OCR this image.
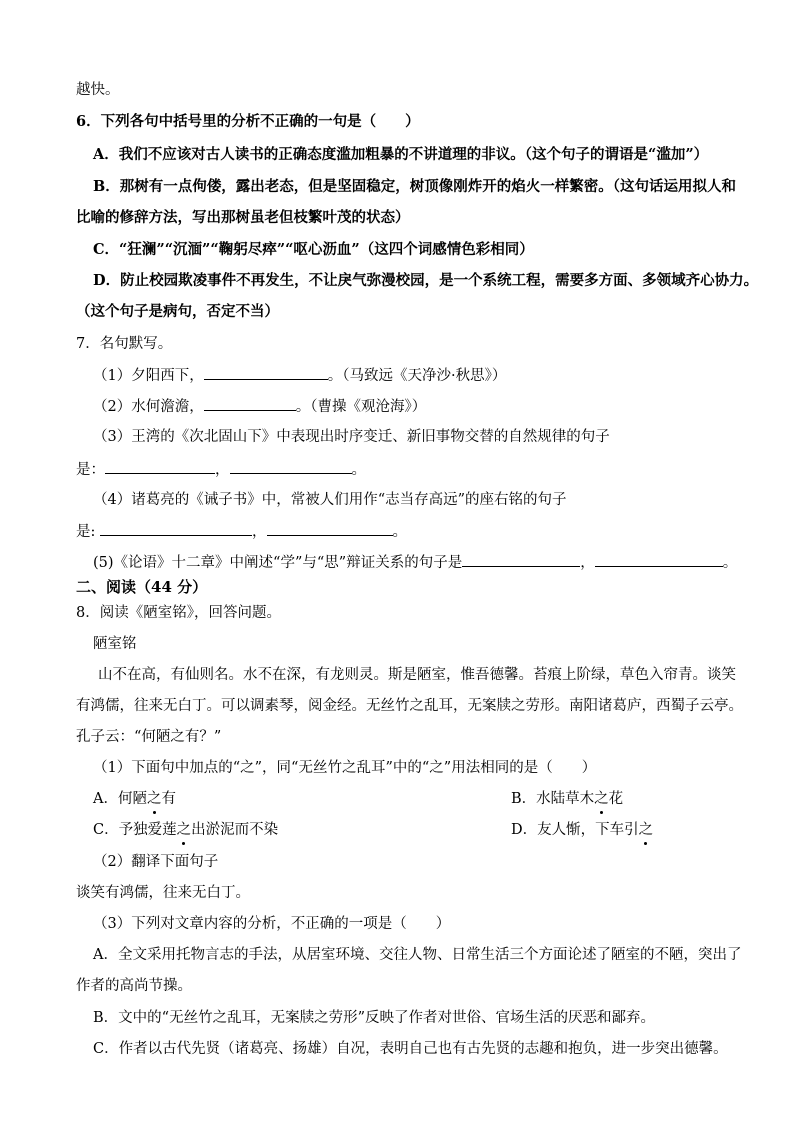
越快。
6．下列各句中括号里的分析不正确的一句是（　　）
A．我们不应该对古人读书的正确态度滥加粗暴的不讲道理的非议。（这个句子的谓语是“滥加”）
B．那树有一点佝偻，露出老态，但是坚固稳定，树顶像刚炸开的焰火一样繁密。（这句话运用拟人和
比喻的修辞方法，写出那树虽老但枝繁叶茂的状态）
C．“狂澜”“沉湎”“鞠躬尽瘁”“呕心沥血”（这四个词感情色彩相同）
D．防止校园欺凌事件不再发生，不让戾气弥漫校园，是一个系统工程，需要多方面、多领域齐心协力。
（这个句子是病句，否定不当）
7．名句默写。
（1）夕阳西下，	。（马致远《天净沙·秋思》）
（2）水何澹澹，	。（曹操《观沧海》）
（3）王湾的《次北固山下》中表现出时序变迁、新旧事物交替的自然规律的句子
是：	，	。
（4）诸葛亮的《诫子书》中，常被人们用作“志当存高远”的座右铭的句子
是:	，	。
(5)《论语》十二章》中阐述“学”与“思”辩证关系的句子是	，	。
二、阅读（44 分）
8．阅读《陋室铭》，回答问题。
陋室铭
山不在高，有仙则名。水不在深，有龙则灵。斯是陋室，惟吾德馨。苔痕上阶绿，草色入帘青。谈笑
有鸿儒，往来无白丁。可以调素琴，阅金经。无丝竹之乱耳，无案牍之劳形。南阳诸葛庐，西蜀子云亭。
孔子云：“何陋之有？”
（1）下面句中加点的“之”，同“无丝竹之乱耳”中的“之”用法相同的是（　　）
A．何陋之有	B．水陆草木之花
C．予独爱莲之出淤泥而不染	D．友人惭，下车引之
（2）翻译下面句子
谈笑有鸿儒，往来无白丁。
（3）下列对文章内容的分析，不正确的一项是（　　）
A．全文采用托物言志的手法，从居室环境、交往人物、日常生活三个方面论述了陋室的不陋，突出了
作者的高尚节操。
B．文中的“无丝竹之乱耳，无案牍之劳形”反映了作者对世俗、官场生活的厌恶和鄙弃。
C．作者以古代先贤（诸葛亮、扬雄）自况，表明自己也有古先贤的志趣和抱负，进一步突出德馨。
